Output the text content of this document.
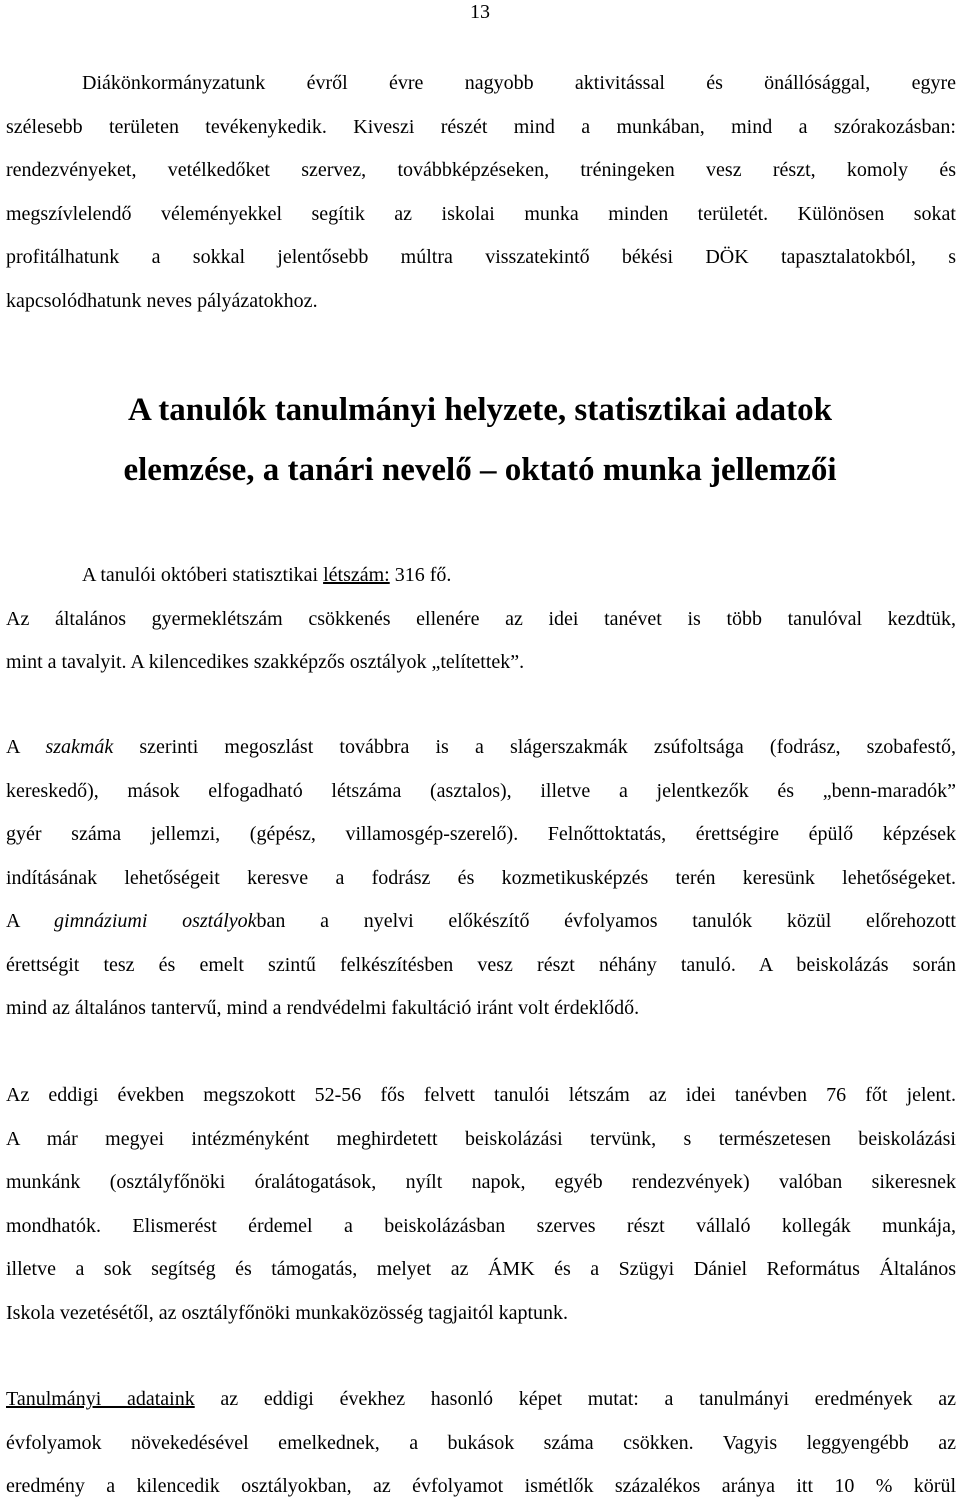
13
Diákönkormányzatunk évről évre nagyobb aktivitással és önállósággal, egyre
szélesebb területen tevékenykedik. Kiveszi részét mind a munkában, mind a szórakozásban:
rendezvényeket, vetélkedőket szervez, továbbképzéseken, tréningeken vesz részt, komoly és
megszívlelendő véleményekkel segítik az iskolai munka minden területét. Különösen sokat
profitálhatunk a sokkal jelentősebb múltra visszatekintő békési DÖK tapasztalatokból, s
kapcsolódhatunk neves pályázatokhoz.
A tanulók tanulmányi helyzete, statisztikai adatok
elemzése, a tanári nevelő – oktató munka jellemzői
A tanulói októberi statisztikai létszám: 316 fő.
Az általános gyermeklétszám csökkenés ellenére az idei tanévet is több tanulóval kezdtük,
mint a tavalyit. A kilencedikes szakképzős osztályok „telítettek”.
A szakmák szerinti megoszlást továbbra is a slágerszakmák zsúfoltsága (fodrász, szobafestő,
kereskedő), mások elfogadható létszáma (asztalos), illetve a jelentkezők és „benn-maradók”
gyér száma jellemzi, (gépész, villamosgép-szerelő). Felnőttoktatás, érettségire épülő képzések
indításának lehetőségeit keresve a fodrász és kozmetikusképzés terén keresünk lehetőségeket.
A gimnáziumi osztályokban a nyelvi előkészítő évfolyamos tanulók közül előrehozott
érettségit tesz és emelt szintű felkészítésben vesz részt néhány tanuló. A beiskolázás során
mind az általános tantervű, mind a rendvédelmi fakultáció iránt volt érdeklődő.
Az eddigi években megszokott 52-56 fős felvett tanulói létszám az idei tanévben 76 főt jelent.
A már megyei intézményként meghirdetett beiskolázási tervünk, s természetesen beiskolázási
munkánk (osztályfőnöki óralátogatások, nyílt napok, egyéb rendezvények) valóban sikeresnek
mondhatók. Elismerést érdemel a beiskolázásban szerves részt vállaló kollegák munkája,
illetve a sok segítség és támogatás, melyet az ÁMK és a Szügyi Dániel Református Általános
Iskola vezetésétől, az osztályfőnöki munkaközösség tagjaitól kaptunk.
Tanulmányi adataink az eddigi évekhez hasonló képet mutat: a tanulmányi eredmények az
évfolyamok növekedésével emelkednek, a bukások száma csökken. Vagyis leggyengébb az
eredmény a kilencedik osztályokban, az évfolyamot ismétlők százalékos aránya itt 10 % körül
